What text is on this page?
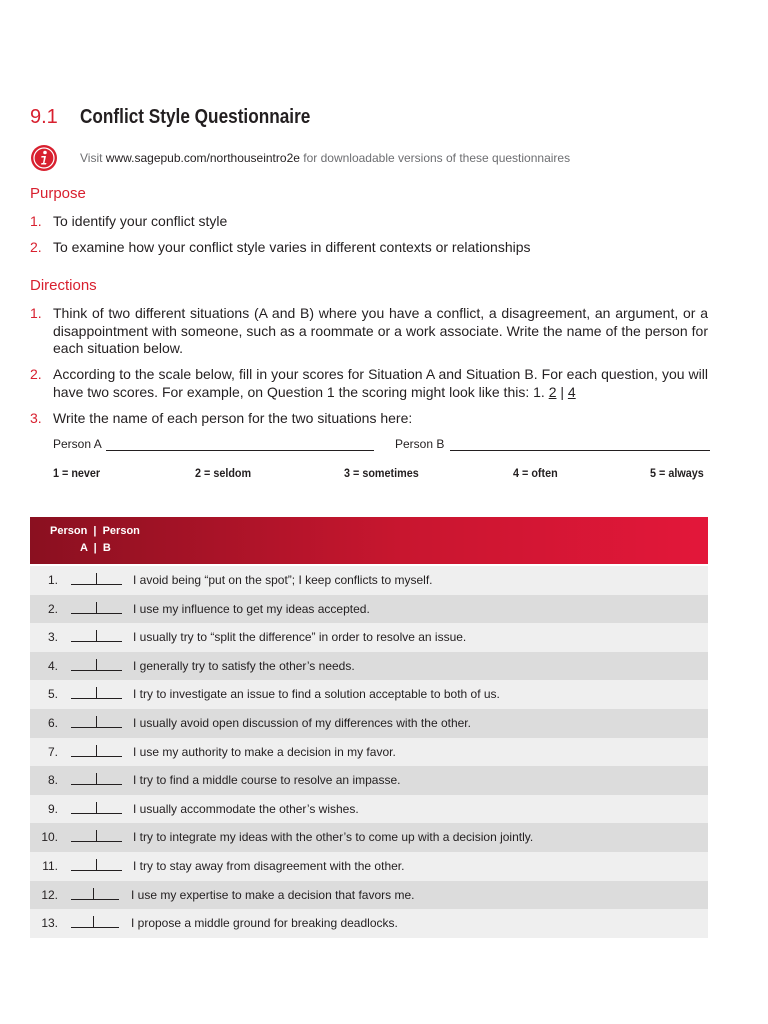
9.1 Conflict Style Questionnaire
Visit www.sagepub.com/northouseintro2e for downloadable versions of these questionnaires
Purpose
1. To identify your conflict style
2. To examine how your conflict style varies in different contexts or relationships
Directions
1. Think of two different situations (A and B) where you have a conflict, a disagreement, an argument, or a disappointment with someone, such as a roommate or a work associate. Write the name of the person for each situation below.
2. According to the scale below, fill in your scores for Situation A and Situation B. For each question, you will have two scores. For example, on Question 1 the scoring might look like this: 1. 2 | 4
3. Write the name of each person for the two situations here:
Person A	Person B
1 = never	2 = seldom	3 = sometimes	4 = often	5 = always
Person  |  Person
A  |  B
1.	I avoid being “put on the spot”; I keep conflicts to myself.
2.	I use my influence to get my ideas accepted.
3.	I usually try to “split the difference” in order to resolve an issue.
4.	I generally try to satisfy the other’s needs.
5.	I try to investigate an issue to find a solution acceptable to both of us.
6.	I usually avoid open discussion of my differences with the other.
7.	I use my authority to make a decision in my favor.
8.	I try to find a middle course to resolve an impasse.
9.	I usually accommodate the other’s wishes.
10.	I try to integrate my ideas with the other’s to come up with a decision jointly.
11.	I try to stay away from disagreement with the other.
12.	I use my expertise to make a decision that favors me.
13.	I propose a middle ground for breaking deadlocks.
